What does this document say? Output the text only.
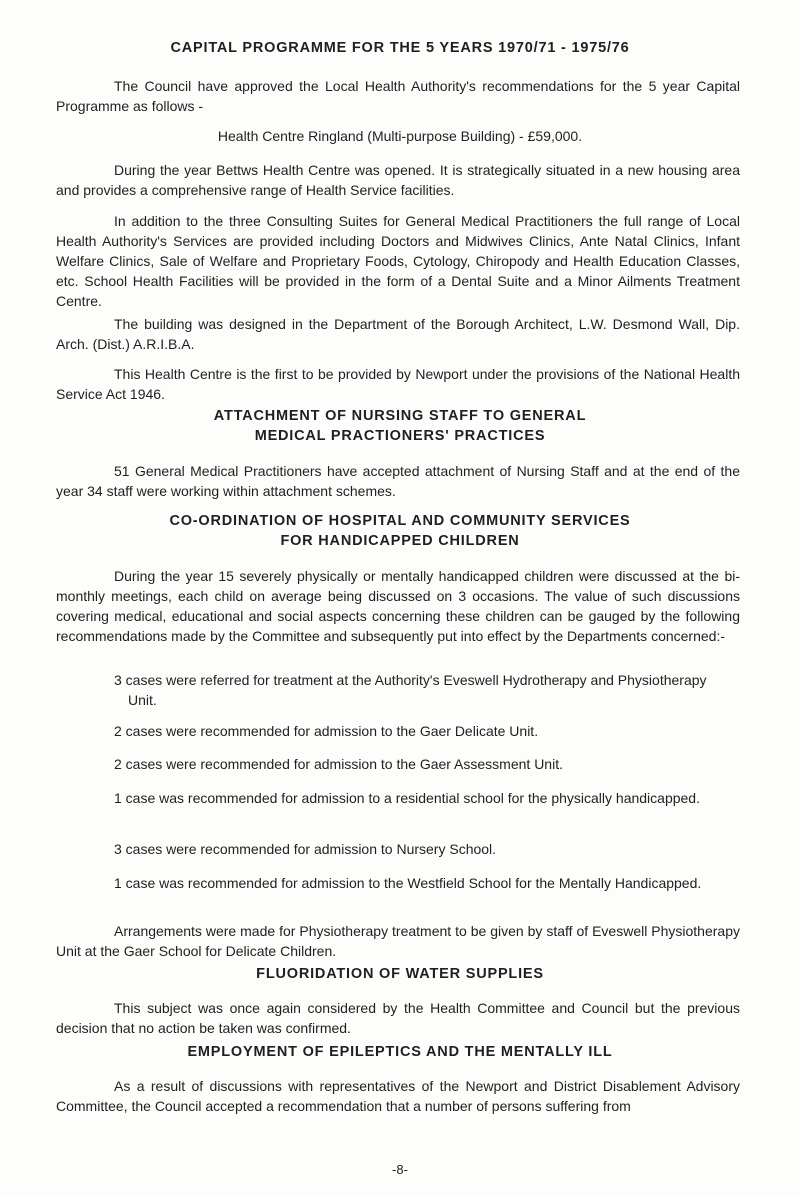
CAPITAL PROGRAMME FOR THE 5 YEARS 1970/71 - 1975/76
The Council have approved the Local Health Authority's recommendations for the 5 year Capital Programme as follows -
Health Centre Ringland (Multi-purpose Building) - £59,000.
During the year Bettws Health Centre was opened. It is strategically situated in a new housing area and provides a comprehensive range of Health Service facilities.
In addition to the three Consulting Suites for General Medical Practitioners the full range of Local Health Authority's Services are provided including Doctors and Midwives Clinics, Ante Natal Clinics, Infant Welfare Clinics, Sale of Welfare and Proprietary Foods, Cytology, Chiropody and Health Education Classes, etc. School Health Facilities will be provided in the form of a Dental Suite and a Minor Ailments Treatment Centre.
The building was designed in the Department of the Borough Architect, L.W. Desmond Wall, Dip. Arch. (Dist.) A.R.I.B.A.
This Health Centre is the first to be provided by Newport under the provisions of the National Health Service Act 1946.
ATTACHMENT OF NURSING STAFF TO GENERAL
MEDICAL PRACTIONERS' PRACTICES
51 General Medical Practitioners have accepted attachment of Nursing Staff and at the end of the year 34 staff were working within attachment schemes.
CO-ORDINATION OF HOSPITAL AND COMMUNITY SERVICES
FOR HANDICAPPED CHILDREN
During the year 15 severely physically or mentally handicapped children were discussed at the bi-monthly meetings, each child on average being discussed on 3 occasions. The value of such discussions covering medical, educational and social aspects concerning these children can be gauged by the following recommendations made by the Committee and subsequently put into effect by the Departments concerned:-
3 cases were referred for treatment at the Authority's Eveswell Hydrotherapy and Physiotherapy Unit.
2 cases were recommended for admission to the Gaer Delicate Unit.
2 cases were recommended for admission to the Gaer Assessment Unit.
1 case was recommended for admission to a residential school for the physically handicapped.
3 cases were recommended for admission to Nursery School.
1 case was recommended for admission to the Westfield School for the Mentally Handicapped.
Arrangements were made for Physiotherapy treatment to be given by staff of Eveswell Physiotherapy Unit at the Gaer School for Delicate Children.
FLUORIDATION OF WATER SUPPLIES
This subject was once again considered by the Health Committee and Council but the previous decision that no action be taken was confirmed.
EMPLOYMENT OF EPILEPTICS AND THE MENTALLY ILL
As a result of discussions with representatives of the Newport and District Disablement Advisory Committee, the Council accepted a recommendation that a number of persons suffering from
-8-
